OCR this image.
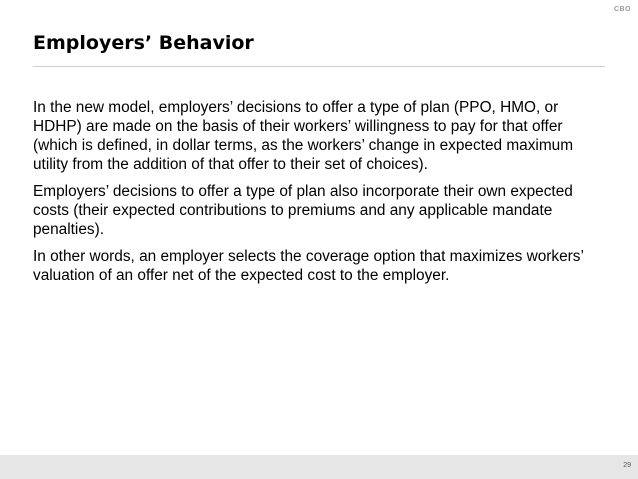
CBO
Employers’ Behavior

In the new model, employers’ decisions to offer a type of plan (PPO, HMO, or HDHP) are made on the basis of their workers’ willingness to pay for that offer (which is defined, in dollar terms, as the workers’ change in expected maximum utility from the addition of that offer to their set of choices).

Employers’ decisions to offer a type of plan also incorporate their own expected costs (their expected contributions to premiums and any applicable mandate penalties).

In other words, an employer selects the coverage option that maximizes workers’ valuation of an offer net of the expected cost to the employer.

29
